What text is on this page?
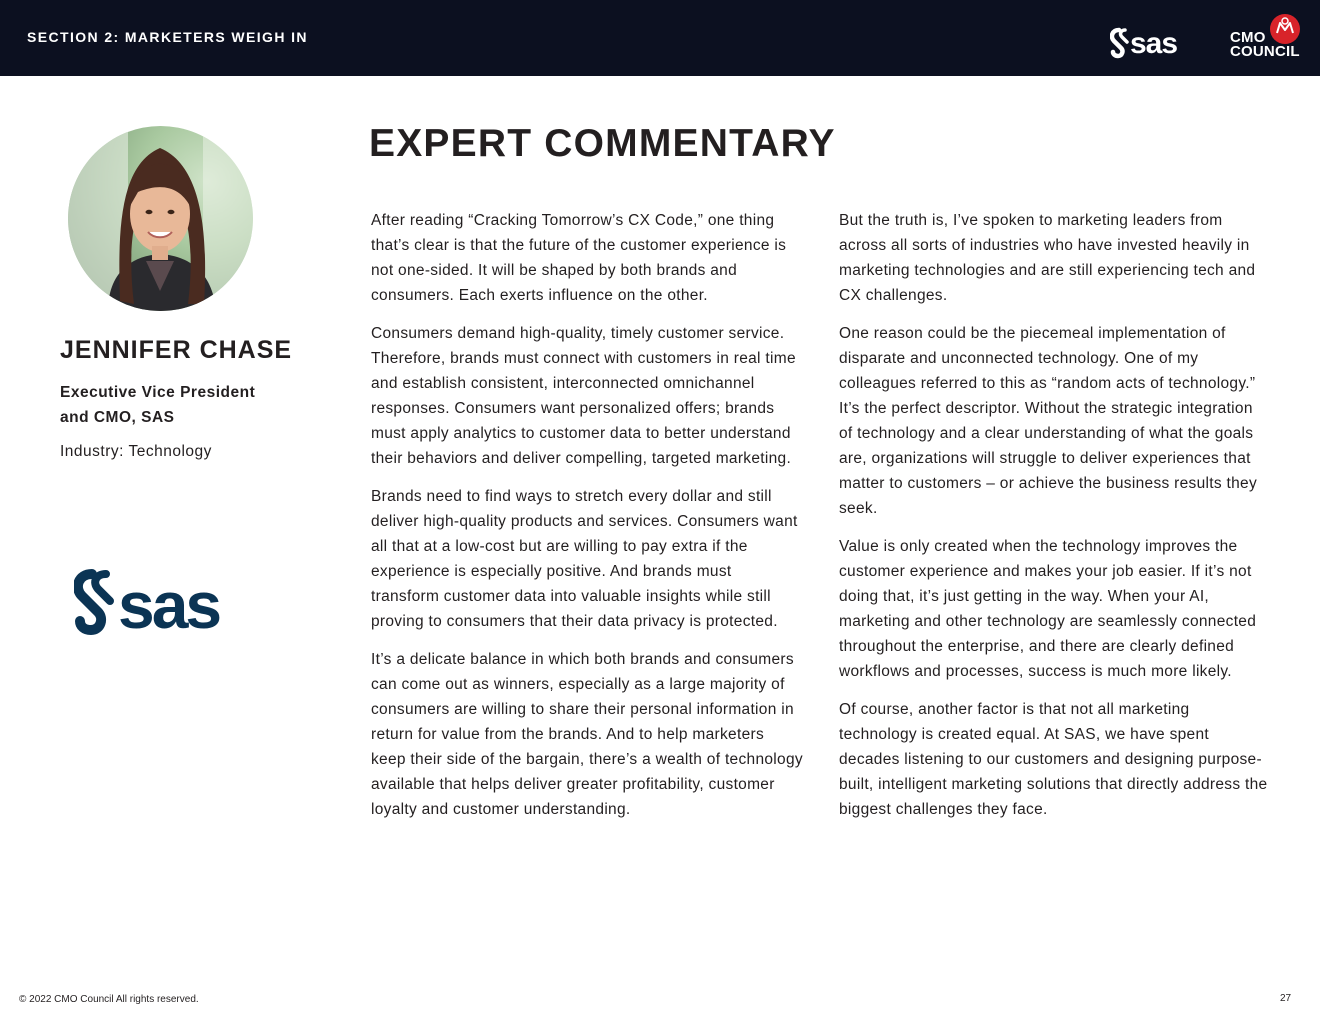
SECTION 2: MARKETERS WEIGH IN	sas	CMO
COUNCIL
JENNIFER CHASE
Executive Vice President
and CMO, SAS
Industry: Technology
sas
EXPERT COMMENTARY

After reading “Cracking Tomorrow’s CX Code,” one thing that’s clear is that the future of the customer experience is not one-sided. It will be shaped by both brands and consumers. Each exerts influence on the other.

Consumers demand high-quality, timely customer service. Therefore, brands must connect with customers in real time and establish consistent, interconnected omnichannel responses. Consumers want personalized offers; brands must apply analytics to customer data to better understand their behaviors and deliver compelling, targeted marketing.

Brands need to find ways to stretch every dollar and still deliver high-quality products and services. Consumers want all that at a low-cost but are willing to pay extra if the experience is especially positive. And brands must transform customer data into valuable insights while still proving to consumers that their data privacy is protected.

It’s a delicate balance in which both brands and consumers can come out as winners, especially as a large majority of consumers are willing to share their personal information in return for value from the brands. And to help marketers keep their side of the bargain, there’s a wealth of technology available that helps deliver greater profitability, customer loyalty and customer understanding.

But the truth is, I’ve spoken to marketing leaders from across all sorts of industries who have invested heavily in marketing technologies and are still experiencing tech and CX challenges.

One reason could be the piecemeal implementation of disparate and unconnected technology. One of my colleagues referred to this as “random acts of technology.” It’s the perfect descriptor. Without the strategic integration of technology and a clear understanding of what the goals are, organizations will struggle to deliver experiences that matter to customers – or achieve the business results they seek.

Value is only created when the technology improves the customer experience and makes your job easier. If it’s not doing that, it’s just getting in the way. When your AI, marketing and other technology are seamlessly connected throughout the enterprise, and there are clearly defined workflows and processes, success is much more likely.

Of course, another factor is that not all marketing technology is created equal. At SAS, we have spent decades listening to our customers and designing purpose-built, intelligent marketing solutions that directly address the biggest challenges they face.

© 2022 CMO Council All rights reserved.	27
